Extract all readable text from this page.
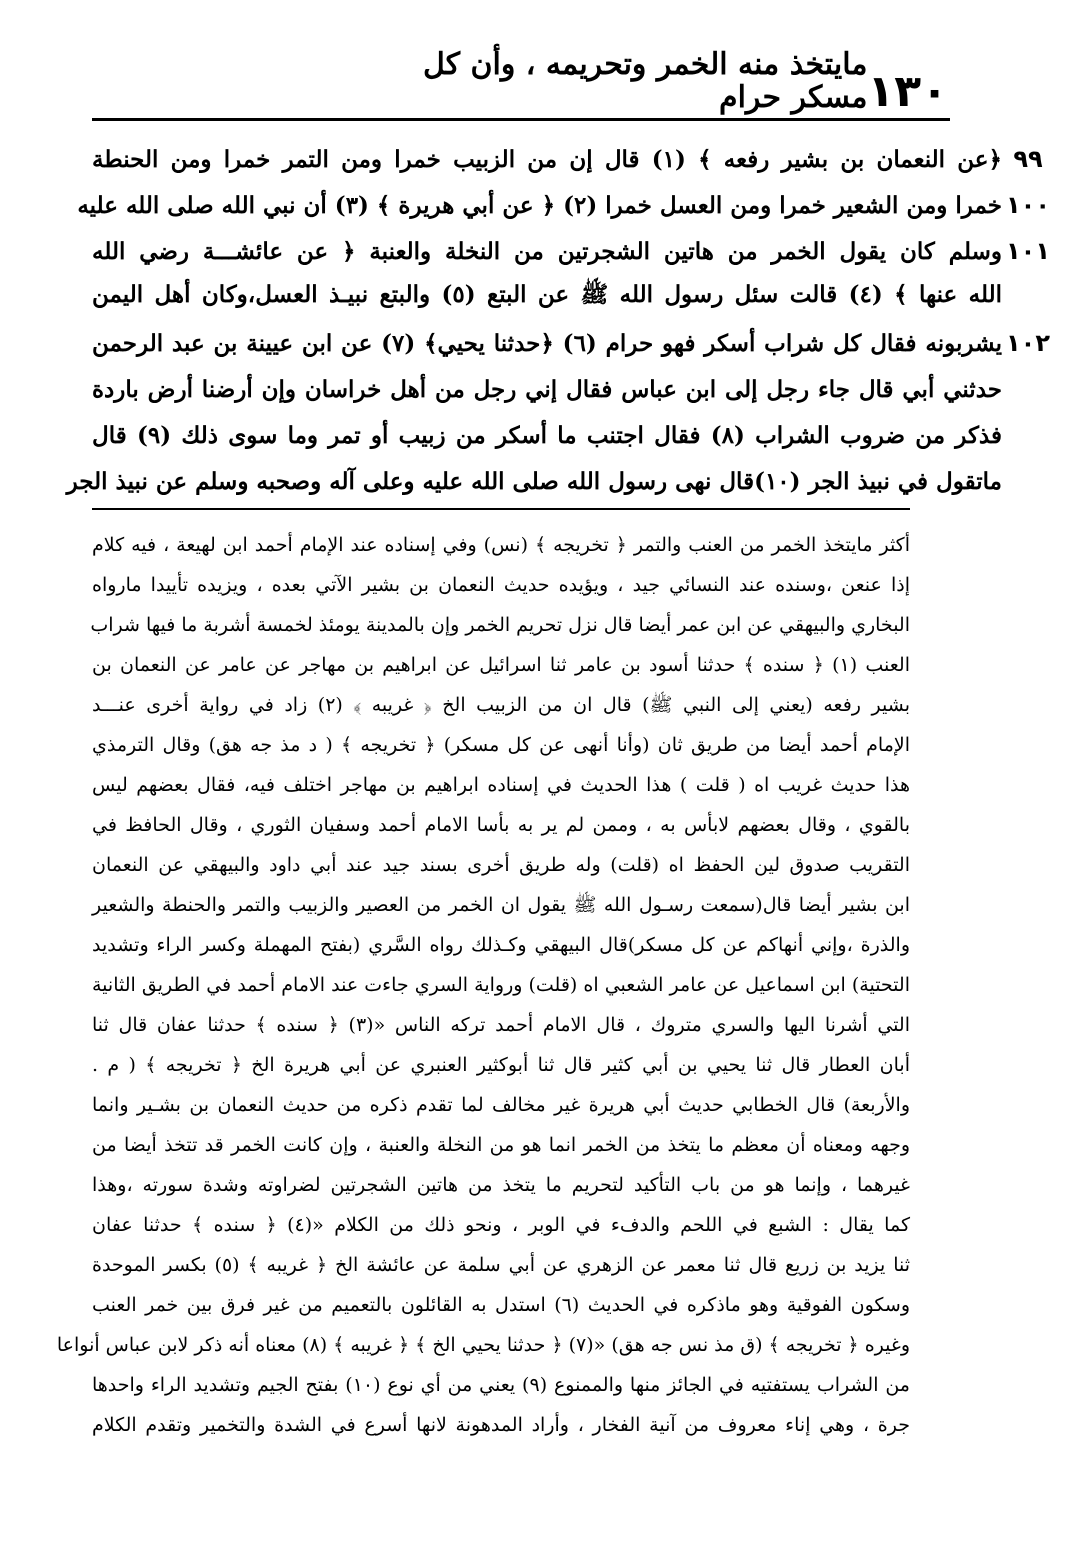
١٣٠
مايتخذ منه الخمر وتحريمه ، وأن كل مسكر حرام
٩٩
﴿عن النعمان بن بشير رفعه ﴾ (١) قال إن من الزبيب خمرا ومن التمر خمرا ومن الحنطة
١٠٠
خمرا ومن الشعير خمرا ومن العسل خمرا (٢) ﴿ عن أبي هريرة ﴾ (٣) أن نبي الله صلى الله عليه
١٠١
وسلم كان يقول الخمر من هاتين الشجرتين من النخلة والعنبة ﴿ عن عائشـــة رضي الله
الله عنها ﴾ (٤) قالت سئل رسول الله ﷺ عن البتع (٥) والبتع نبيـذ العسل،وكان أهل اليمن
١٠٢
يشربونه فقال كل شراب أسكر فهو حرام (٦) ﴿حدثنا يحيي﴾ (٧) عن ابن عيينة بن عبد الرحمن
حدثني أبي قال جاء رجل إلى ابن عباس فقال إني رجل من أهل خراسان وإن أرضنا أرض باردة
فذكر من ضروب الشراب (٨) فقال اجتنب ما أسكر من زبيب أو تمر وما سوى ذلك (٩) قال
ماتقول في نبيذ الجر (١٠)قال نهى رسول الله صلى الله عليه وعلى آله وصحبه وسلم عن نبيذ الجر
أكثر مايتخذ الخمر من العنب والتمر ﴿ تخريجه ﴾ (نس) وفي إسناده عند الإمام أحمد ابن لهيعة ، فيه كلام
إذا عنعن ،وسنده عند النسائي جيد ، ويؤيده حديث النعمان بن بشير الآتي بعده ، ويزيده تأييدا مارواه
البخاري والبيهقي عن ابن عمر أيضا قال نزل تحريم الخمر وإن بالمدينة يومئذ لخمسة أشربة ما فيها شراب
العنب (١) ﴿ سنده ﴾ حدثنا أسود بن عامر ثنا اسرائيل عن ابراهيم بن مهاجر عن عامر عن النعمان بن
بشير رفعه (يعني إلى النبي ﷺ) قال ان من الزبيب الخ ﴿ غريبه ﴾ (٢) زاد في رواية أخرى عنـــد
الإمام أحمد أيضا من طريق ثان (وأنا أنهى عن كل مسكر) ﴿ تخريجه ﴾ ( د مذ جه هق) وقال الترمذي
هذا حديث غريب اه ( قلت ) هذا الحديث في إسناده ابراهيم بن مهاجر اختلف فيه، فقال بعضهم ليس
بالقوي ، وقال بعضهم لابأس به ، وممن لم ير به بأسا الامام أحمد وسفيان الثوري ، وقال الحافظ في
التقريب صدوق لين الحفظ اه (قلت) وله طريق أخرى بسند جيد عند أبي داود والبيهقي عن النعمان
ابن بشير أيضا قال(سمعت رسـول الله ﷺ يقول ان الخمر من العصير والزبيب والتمر والحنطة والشعير
والذرة ،وإني أنهاكم عن كل مسكر)قال البيهقي وكـذلك رواه السَّري (بفتح المهملة وكسر الراء وتشديد
التحتية) ابن اسماعيل عن عامر الشعبي اه (قلت) ورواية السري جاءت عند الامام أحمد في الطريق الثانية
التي أشرنا اليها والسري متروك ، قال الامام أحمد تركه الناس «(٣) ﴿ سنده ﴾ حدثنا عفان قال ثنا
أبان العطار قال ثنا يحيي بن أبي كثير قال ثنا أبوكثير العنبري عن أبي هريرة الخ ﴿ تخريجه ﴾ ( م .
والأربعة) قال الخطابي حديث أبي هريرة غير مخالف لما تقدم ذكره من حديث النعمان بن بشـير وانما
وجهه ومعناه أن معظم ما يتخذ من الخمر انما هو من النخلة والعنبة ، وإن كانت الخمر قد تتخذ أيضا من
غيرهما ، وإنما هو من باب التأكيد لتحريم ما يتخذ من هاتين الشجرتين لضراوته وشدة سورته ،وهذا
كما يقال : الشبع في اللحم والدفء في الوبر ، ونحو ذلك من الكلام «(٤) ﴿ سنده ﴾ حدثنا عفان
ثنا يزيد بن زريع قال ثنا معمر عن الزهري عن أبي سلمة عن عائشة الخ ﴿ غريبه ﴾ (٥) بكسر الموحدة
وسكون الفوقية وهو ماذكره في الحديث (٦) استدل به القائلون بالتعميم من غير فرق بين خمر العنب
وغيره ﴿ تخريجه ﴾ (ق مذ نس جه هق) «(٧) ﴿ حدثنا يحيي الخ ﴾ ﴿ غريبه ﴾ (٨) معناه أنه ذكر لابن عباس أنواعا
من الشراب يستفتيه في الجائز منها والممنوع (٩) يعني من أي نوع (١٠) بفتح الجيم وتشديد الراء واحدها
جرة ، وهي إناء معروف من آنية الفخار ، وأراد المدهونة لانها أسرع في الشدة والتخمير وتقدم الكلام
